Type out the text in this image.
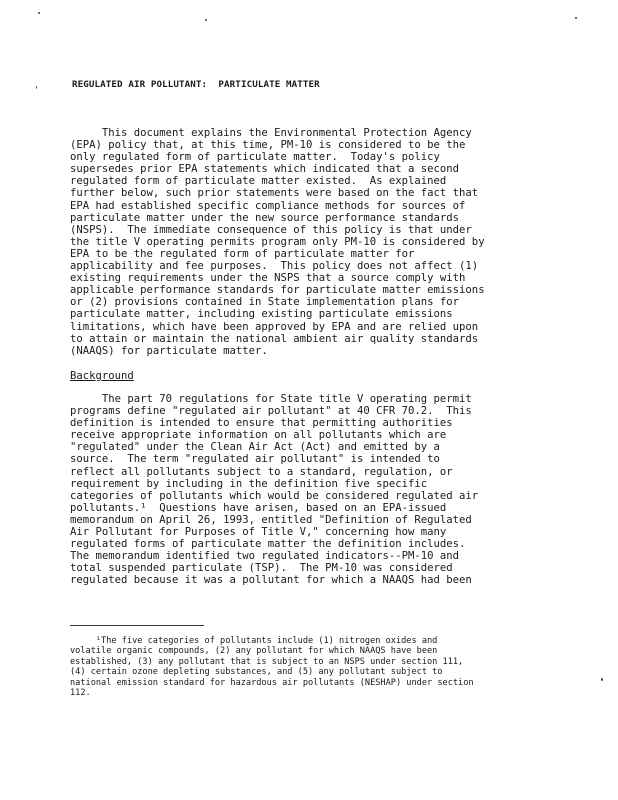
REGULATED AIR POLLUTANT:  PARTICULATE MATTER
This document explains the Environmental Protection Agency
(EPA) policy that, at this time, PM-10 is considered to be the
only regulated form of particulate matter.  Today's policy
supersedes prior EPA statements which indicated that a second
regulated form of particulate matter existed.  As explained
further below, such prior statements were based on the fact that
EPA had established specific compliance methods for sources of
particulate matter under the new source performance standards
(NSPS).  The immediate consequence of this policy is that under
the title V operating permits program only PM-10 is considered by
EPA to be the regulated form of particulate matter for
applicability and fee purposes.  This policy does not affect (1)
existing requirements under the NSPS that a source comply with
applicable performance standards for particulate matter emissions
or (2) provisions contained in State implementation plans for
particulate matter, including existing particulate emissions
limitations, which have been approved by EPA and are relied upon
to attain or maintain the national ambient air quality standards
(NAAQS) for particulate matter.
Background
The part 70 regulations for State title V operating permit
programs define "regulated air pollutant" at 40 CFR 70.2.  This
definition is intended to ensure that permitting authorities
receive appropriate information on all pollutants which are
"regulated" under the Clean Air Act (Act) and emitted by a
source.  The term "regulated air pollutant" is intended to
reflect all pollutants subject to a standard, regulation, or
requirement by including in the definition five specific
categories of pollutants which would be considered regulated air
pollutants.¹  Questions have arisen, based on an EPA-issued
memorandum on April 26, 1993, entitled "Definition of Regulated
Air Pollutant for Purposes of Title V," concerning how many
regulated forms of particulate matter the definition includes.
The memorandum identified two regulated indicators--PM-10 and
total suspended particulate (TSP).  The PM-10 was considered
regulated because it was a pollutant for which a NAAQS had been
¹The five categories of pollutants include (1) nitrogen oxides and
volatile organic compounds, (2) any pollutant for which NAAQS have been
established, (3) any pollutant that is subject to an NSPS under section 111,
(4) certain ozone depleting substances, and (5) any pollutant subject to
national emission standard for hazardous air pollutants (NESHAP) under section
112.
